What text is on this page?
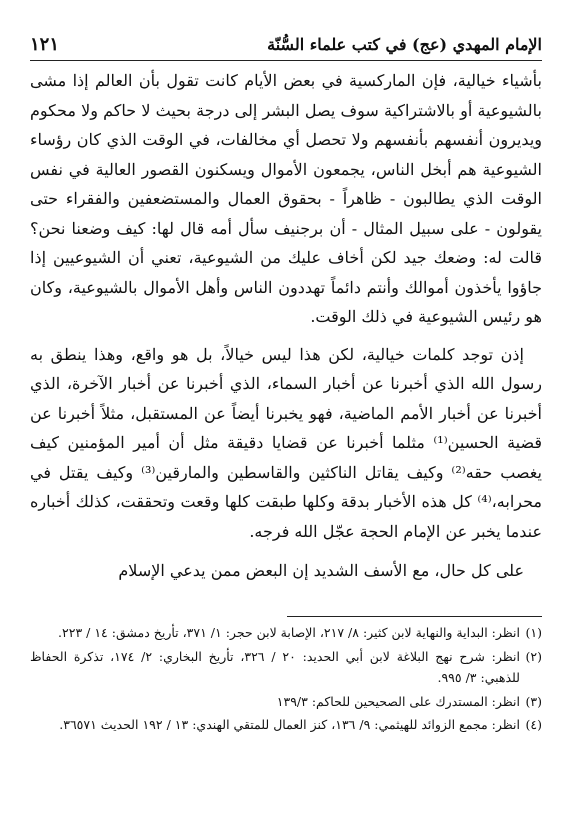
الإمام المهدي (عج) في كتب علماء السُّنّة
١٢١

بأشياء خيالية، فإن الماركسية في بعض الأيام كانت تقول بأن العالم إذا مشى بالشيوعية أو بالاشتراكية سوف يصل البشر إلى درجة بحيث لا حاكم ولا محكوم ويديرون أنفسهم بأنفسهم ولا تحصل أي مخالفات، في الوقت الذي كان رؤساء الشيوعية هم أبخل الناس، يجمعون الأموال ويسكنون القصور العالية في نفس الوقت الذي يطالبون - ظاهراً - بحقوق العمال والمستضعفين والفقراء حتى يقولون - على سبيل المثال - أن برجنيف سأل أمه قال لها: كيف وضعنا نحن؟ قالت له: وضعك جيد لكن أخاف عليك من الشيوعية، تعني أن الشيوعيين إذا جاؤوا يأخذون أموالك وأنتم دائماً تهددون الناس وأهل الأموال بالشيوعية، وكان هو رئيس الشيوعية في ذلك الوقت.

إذن توجد كلمات خيالية، لكن هذا ليس خيالاً، بل هو واقع، وهذا ينطق به رسول الله الذي أخبرنا عن أخبار السماء، الذي أخبرنا عن أخبار الآخرة، الذي أخبرنا عن أخبار الأمم الماضية، فهو يخبرنا أيضاً عن المستقبل، مثلاً أخبرنا عن قضية الحسين⁽¹⁾ مثلما أخبرنا عن قضايا دقيقة مثل أن أمير المؤمنين كيف يغصب حقه⁽²⁾ وكيف يقاتل الناكثين والقاسطين والمارقين⁽³⁾ وكيف يقتل في محرابه،⁽⁴⁾ كل هذه الأخبار بدقة وكلها طبقت كلها وقعت وتحققت، كذلك أخباره عندما يخبر عن الإمام الحجة عجّل الله فرجه.

على كل حال، مع الأسف الشديد إن البعض ممن يدعي الإسلام

(١)انظر: البداية والنهاية لابن كثير: ٨/ ٢١٧، الإصابة لابن حجر: ١/ ٣٧١، تأريخ دمشق: ١٤ / ٢٢٣.

(٢)انظر: شرح نهج البلاغة لابن أبي الحديد: ٢٠ / ٣٢٦، تأريخ البخاري: ٢/ ١٧٤، تذكرة الحفاظ للذهبي: ٣/ ٩٩٥.

(٣)انظر: المستدرك على الصحيحين للحاكم: ١٣٩/٣

(٤)انظر: مجمع الزوائد للهيثمي: ٩/ ١٣٦، كنز العمال للمتقي الهندي: ١٣ / ١٩٢ الحديث ٣٦٥٧١.
